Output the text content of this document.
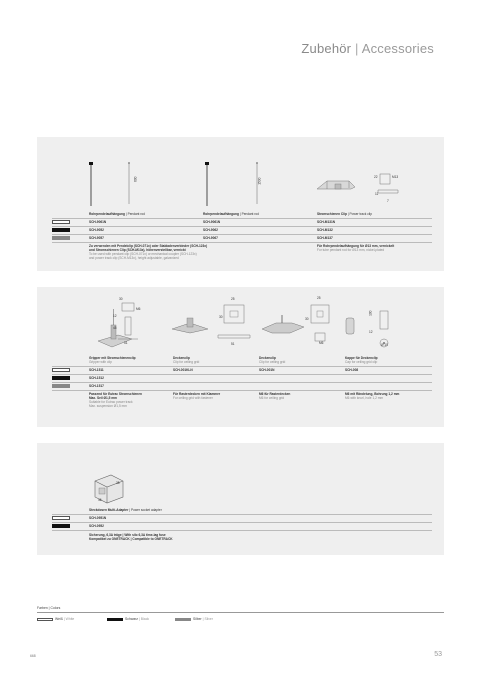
Zubehör | Accessories
600	1500
22	M13
11
7
Rohrpendelaufhängung | Pendant rod	Rohrpendelaufhängung | Pendant rod	Stromschienen Clip | Power track clip
SCH-9061N	SCH-9061N	SCH-M131N
SCH-9052	SCH-9062	SCH-M132
SCH-9057	SCH-9067	SCH-M137
Zu verwenden mit Pendelclip (SCH-071x) oder Stabladenverbinder (SCH-123x)
und Stromschienen Clip (SCH-M13x), höhenverstellbar, vernickt
To be used with pendant clip (SCH-071x) or mechanical coupler (SCH-123x)
and power track clip (SCH-M13x), height adjustable, galvanized
Für Rohrpendelaufhängung für Ø13 mm, vernickelt
For tube pendant rod for Ø13 mm, nickel-plated
30
M6
12
45
51
25
30
51
25
30
M6
100
12
Ø 10
Gripper mit Stromschienenclip
Gripper with clip
Deckenclip
Clip for ceiling grid
Deckenclip
Clip for ceiling grid
Kappe für Deckenclip
Cap for ceiling grid clip
SCH-1511	SCH-001KLN	SCH-001N	SCH-008
SCH-1512
SCH-1517
Passend für Eutrac Stromschienen
Max. Seil Ø1,5 mm
Suitable for Eutrac power track
Max. suspension Ø1,5 mm
Für Rasterdecken mit Klammer
For ceiling grid with fastener
M6 für Rasterdecken
M6 for ceiling grid
M6 mit Rändelung, Bohrung 1,2 mm
M6 with knurl, hole 1,2 mm
35
46
Steckdosen Multi-Adapter | Power socket adapter
SCH-0951N
SCH-0952
Sicherung, 6,3A träge | With silo 6,3A time-lag fuse
Kompatibel zu ONETRACK | Compatible to ONETRACK
Farben | Colors
Weiß | White	Schwarz | Black	Silber | Silver
668	53
